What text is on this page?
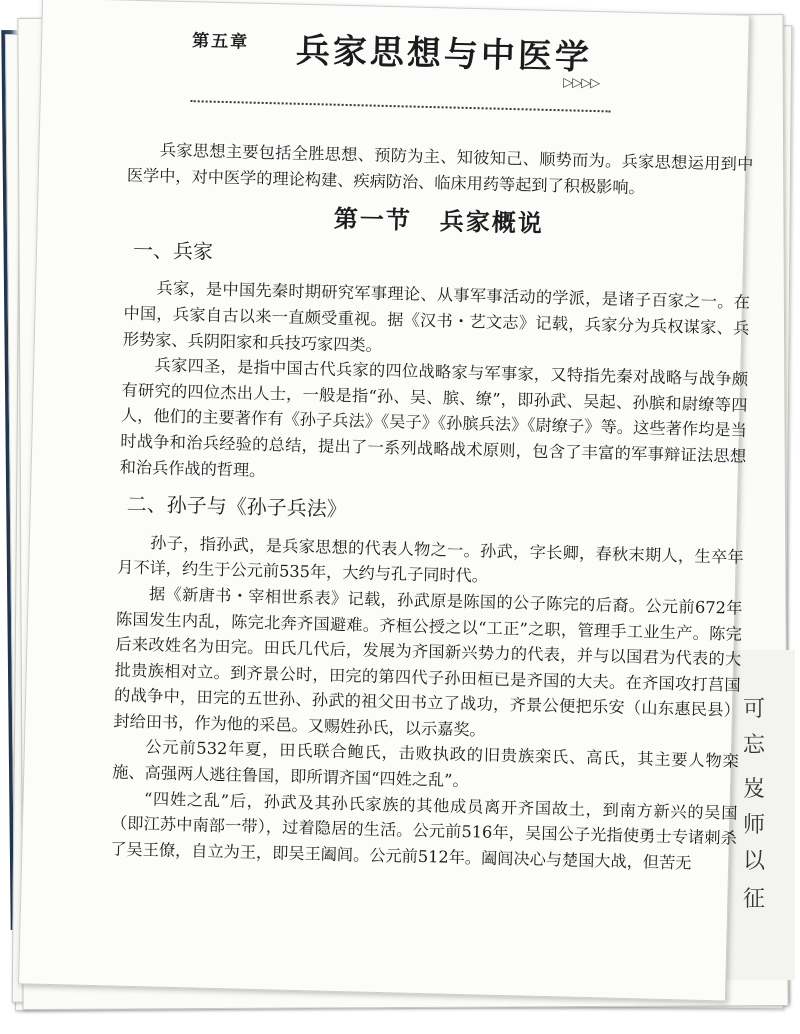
可
忘
岌
师
以
征
第五章 兵家思想与中医学
▷▷▷▷

兵家思想主要包括全胜思想、预防为主、知彼知己、顺势而为。兵家思想运用到中医学中，对中医学的理论构建、疾病防治、临床用药等起到了积极影响。

第一节 兵家概说
一、兵家

兵家，是中国先秦时期研究军事理论、从事军事活动的学派，是诸子百家之一。在中国，兵家自古以来一直颇受重视。据《汉书・艺文志》记载，兵家分为兵权谋家、兵形势家、兵阴阳家和兵技巧家四类。

兵家四圣，是指中国古代兵家的四位战略家与军事家，又特指先秦对战略与战争颇有研究的四位杰出人士，一般是指“孙、吴、膑、缭”，即孙武、吴起、孙膑和尉缭等四人，他们的主要著作有《孙子兵法》《吴子》《孙膑兵法》《尉缭子》等。这些著作均是当时战争和治兵经验的总结，提出了一系列战略战术原则，包含了丰富的军事辩证法思想和治兵作战的哲理。

二、孙子与《孙子兵法》

孙子，指孙武，是兵家思想的代表人物之一。孙武，字长卿，春秋末期人，生卒年月不详，约生于公元前535年，大约与孔子同时代。

据《新唐书・宰相世系表》记载，孙武原是陈国的公子陈完的后裔。公元前672年陈国发生内乱，陈完北奔齐国避难。齐桓公授之以“工正”之职，管理手工业生产。陈完后来改姓名为田完。田氏几代后，发展为齐国新兴势力的代表，并与以国君为代表的大批贵族相对立。到齐景公时，田完的第四代子孙田桓已是齐国的大夫。在齐国攻打莒国的战争中，田完的五世孙、孙武的祖父田书立了战功，齐景公便把乐安（山东惠民县）封给田书，作为他的采邑。又赐姓孙氏，以示嘉奖。

公元前532年夏，田氏联合鲍氏，击败执政的旧贵族栾氏、高氏，其主要人物栾施、高强两人逃往鲁国，即所谓齐国“四姓之乱”。

“四姓之乱”后，孙武及其孙氏家族的其他成员离开齐国故土，到南方新兴的吴国（即江苏中南部一带），过着隐居的生活。公元前516年，吴国公子光指使勇士专诸刺杀了吴王僚，自立为王，即吴王阖闾。公元前512年。阖闾决心与楚国大战，但苦无
